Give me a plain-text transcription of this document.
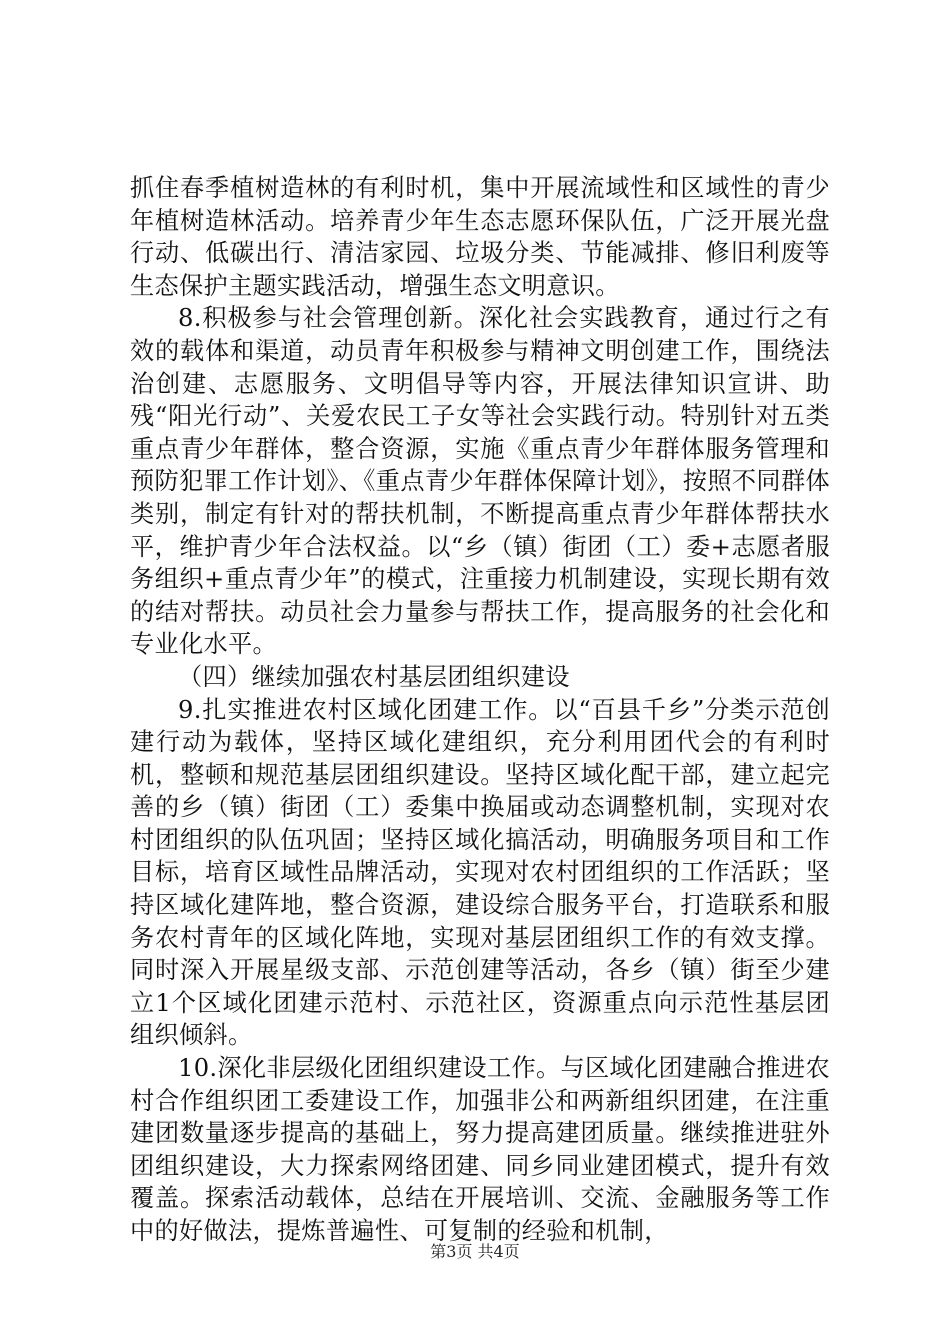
抓住春季植树造林的有利时机，集中开展流域性和区域性的青少年植树造林活动。培养青少年生态志愿环保队伍，广泛开展光盘行动、低碳出行、清洁家园、垃圾分类、节能减排、修旧利废等生态保护主题实践活动，增强生态文明意识。

8.积极参与社会管理创新。深化社会实践教育，通过行之有效的载体和渠道，动员青年积极参与精神文明创建工作，围绕法治创建、志愿服务、文明倡导等内容，开展法律知识宣讲、助残“阳光行动”、关爱农民工子女等社会实践行动。特别针对五类重点青少年群体，整合资源，实施《重点青少年群体服务管理和预防犯罪工作计划》、《重点青少年群体保障计划》，按照不同群体类别，制定有针对的帮扶机制，不断提高重点青少年群体帮扶水平，维护青少年合法权益。以“乡（镇）街团（工）委+志愿者服务组织+重点青少年”的模式，注重接力机制建设，实现长期有效的结对帮扶。动员社会力量参与帮扶工作，提高服务的社会化和专业化水平。

（四）继续加强农村基层团组织建设

9.扎实推进农村区域化团建工作。以“百县千乡”分类示范创建行动为载体，坚持区域化建组织，充分利用团代会的有利时机，整顿和规范基层团组织建设。坚持区域化配干部，建立起完善的乡（镇）街团（工）委集中换届或动态调整机制，实现对农村团组织的队伍巩固；坚持区域化搞活动，明确服务项目和工作目标，培育区域性品牌活动，实现对农村团组织的工作活跃；坚持区域化建阵地，整合资源，建设综合服务平台，打造联系和服务农村青年的区域化阵地，实现对基层团组织工作的有效支撑。同时深入开展星级支部、示范创建等活动，各乡（镇）街至少建立1个区域化团建示范村、示范社区，资源重点向示范性基层团组织倾斜。

10.深化非层级化团组织建设工作。与区域化团建融合推进农村合作组织团工委建设工作，加强非公和两新组织团建，在注重建团数量逐步提高的基础上，努力提高建团质量。继续推进驻外团组织建设，大力探索网络团建、同乡同业建团模式，提升有效覆盖。探索活动载体，总结在开展培训、交流、金融服务等工作中的好做法，提炼普遍性、可复制的经验和机制，

第3页 共4页
